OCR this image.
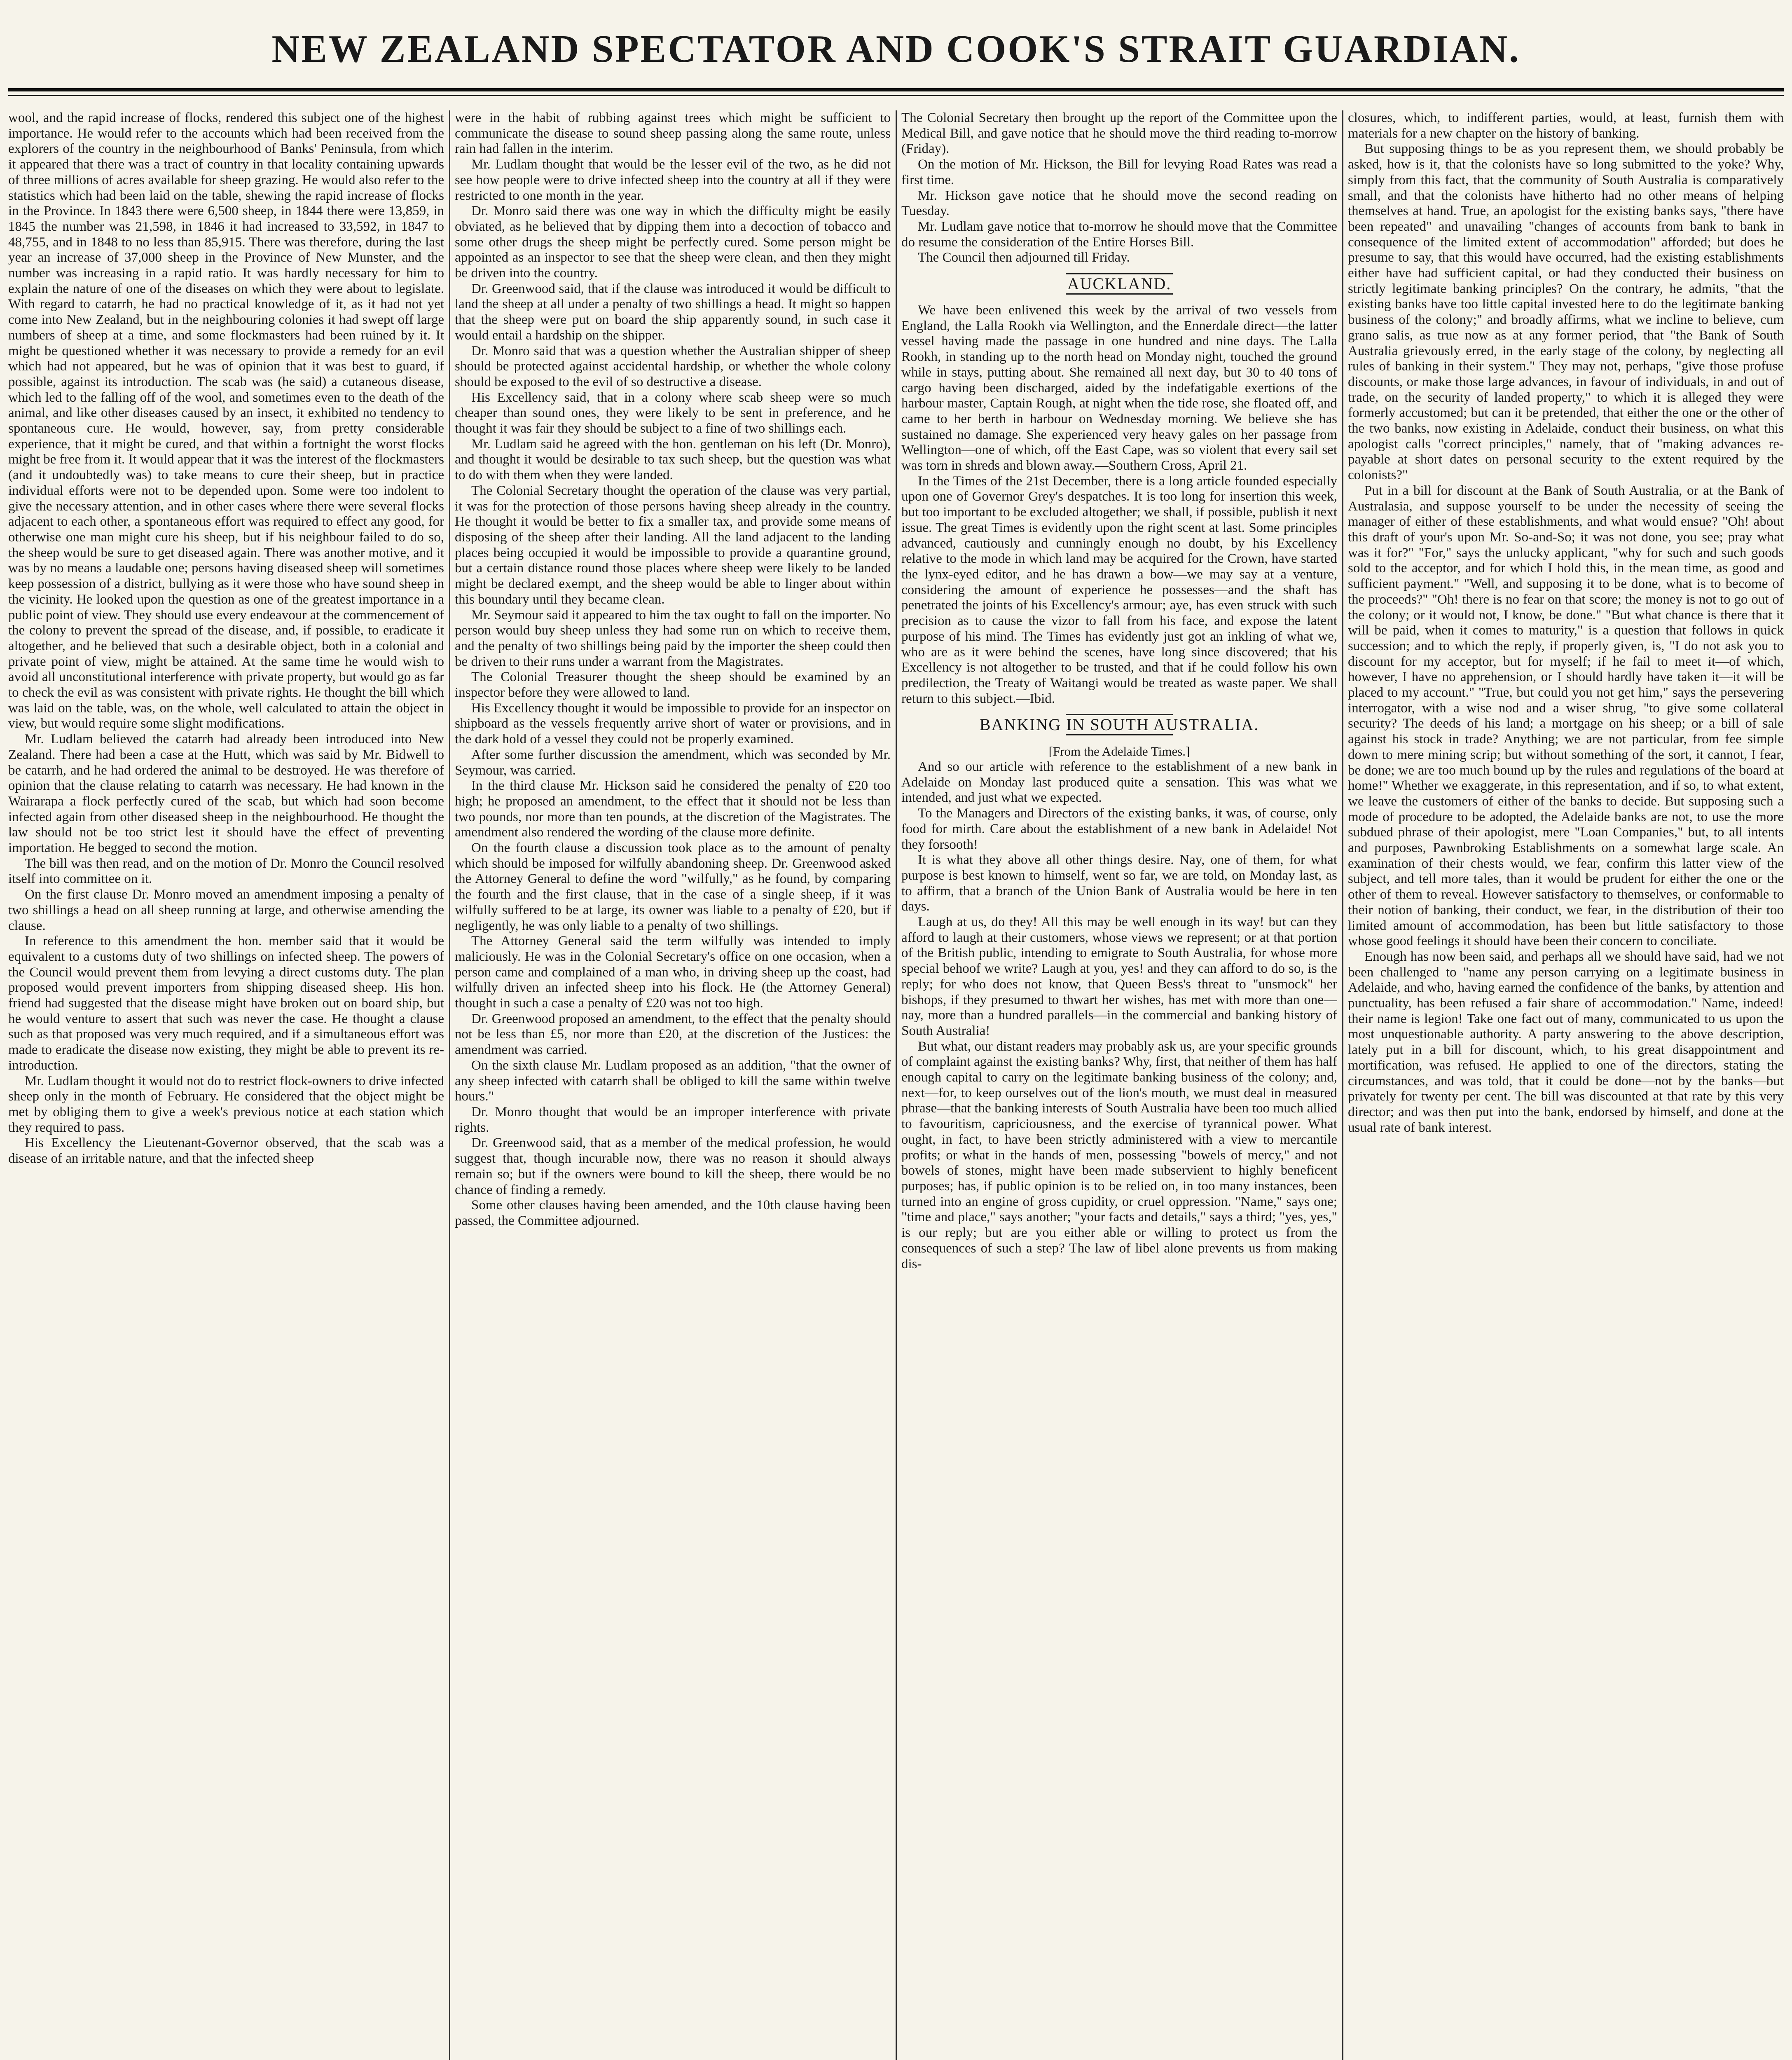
NEW ZEALAND SPECTATOR AND COOK'S STRAIT GUARDIAN.

wool, and the rapid increase of flocks, rendered this subject one of the highest importance. He would refer to the accounts which had been received from the explorers of the country in the neighbourhood of Banks' Peninsula, from which it appeared that there was a tract of country in that locality containing upwards of three millions of acres available for sheep grazing. He would also refer to the statistics which had been laid on the table, shewing the rapid increase of flocks in the Province. In 1843 there were 6,500 sheep, in 1844 there were 13,859, in 1845 the number was 21,598, in 1846 it had increased to 33,592, in 1847 to 48,755, and in 1848 to no less than 85,915. There was therefore, during the last year an increase of 37,000 sheep in the Province of New Munster, and the number was increasing in a rapid ratio. It was hardly necessary for him to explain the nature of one of the diseases on which they were about to legislate. With regard to catarrh, he had no practical knowledge of it, as it had not yet come into New Zealand, but in the neighbouring colonies it had swept off large numbers of sheep at a time, and some flockmasters had been ruined by it. It might be questioned whether it was necessary to provide a remedy for an evil which had not appeared, but he was of opinion that it was best to guard, if possible, against its introduction. The scab was (he said) a cutaneous disease, which led to the falling off of the wool, and sometimes even to the death of the animal, and like other diseases caused by an insect, it exhibited no tendency to spontaneous cure. He would, however, say, from pretty considerable experience, that it might be cured, and that within a fortnight the worst flocks might be free from it. It would appear that it was the interest of the flockmasters (and it undoubtedly was) to take means to cure their sheep, but in practice individual efforts were not to be depended upon. Some were too indolent to give the necessary attention, and in other cases where there were several flocks adjacent to each other, a spontaneous effort was required to effect any good, for otherwise one man might cure his sheep, but if his neighbour failed to do so, the sheep would be sure to get diseased again. There was another motive, and it was by no means a laudable one; persons having diseased sheep will sometimes keep possession of a district, bullying as it were those who have sound sheep in the vicinity. He looked upon the question as one of the greatest importance in a public point of view. They should use every endeavour at the commencement of the colony to prevent the spread of the disease, and, if possible, to eradicate it altogether, and he believed that such a desirable object, both in a colonial and private point of view, might be attained. At the same time he would wish to avoid all unconstitutional interference with private property, but would go as far to check the evil as was consistent with private rights. He thought the bill which was laid on the table, was, on the whole, well calculated to attain the object in view, but would require some slight modifications.

Mr. Ludlam believed the catarrh had already been introduced into New Zealand. There had been a case at the Hutt, which was said by Mr. Bidwell to be catarrh, and he had ordered the animal to be destroyed. He was therefore of opinion that the clause relating to catarrh was necessary. He had known in the Wairarapa a flock perfectly cured of the scab, but which had soon become infected again from other diseased sheep in the neighbourhood. He thought the law should not be too strict lest it should have the effect of preventing importation. He begged to second the motion.

The bill was then read, and on the motion of Dr. Monro the Council resolved itself into committee on it.

On the first clause Dr. Monro moved an amendment imposing a penalty of two shillings a head on all sheep running at large, and otherwise amending the clause.

In reference to this amendment the hon. member said that it would be equivalent to a customs duty of two shillings on infected sheep. The powers of the Council would prevent them from levying a direct customs duty. The plan proposed would prevent importers from shipping diseased sheep. His hon. friend had suggested that the disease might have broken out on board ship, but he would venture to assert that such was never the case. He thought a clause such as that proposed was very much required, and if a simultaneous effort was made to eradicate the disease now existing, they might be able to prevent its re-introduction.

Mr. Ludlam thought it would not do to restrict flock-owners to drive infected sheep only in the month of February. He considered that the object might be met by obliging them to give a week's previous notice at each station which they required to pass.

His Excellency the Lieutenant-Governor observed, that the scab was a disease of an irritable nature, and that the infected sheep

were in the habit of rubbing against trees which might be sufficient to communicate the disease to sound sheep passing along the same route, unless rain had fallen in the interim.

Mr. Ludlam thought that would be the lesser evil of the two, as he did not see how people were to drive infected sheep into the country at all if they were restricted to one month in the year.

Dr. Monro said there was one way in which the difficulty might be easily obviated, as he believed that by dipping them into a decoction of tobacco and some other drugs the sheep might be perfectly cured. Some person might be appointed as an inspector to see that the sheep were clean, and then they might be driven into the country.

Dr. Greenwood said, that if the clause was introduced it would be difficult to land the sheep at all under a penalty of two shillings a head. It might so happen that the sheep were put on board the ship apparently sound, in such case it would entail a hardship on the shipper.

Dr. Monro said that was a question whether the Australian shipper of sheep should be protected against accidental hardship, or whether the whole colony should be exposed to the evil of so destructive a disease.

His Excellency said, that in a colony where scab sheep were so much cheaper than sound ones, they were likely to be sent in preference, and he thought it was fair they should be subject to a fine of two shillings each.

Mr. Ludlam said he agreed with the hon. gentleman on his left (Dr. Monro), and thought it would be desirable to tax such sheep, but the question was what to do with them when they were landed.

The Colonial Secretary thought the operation of the clause was very partial, it was for the protection of those persons having sheep already in the country. He thought it would be better to fix a smaller tax, and provide some means of disposing of the sheep after their landing. All the land adjacent to the landing places being occupied it would be impossible to provide a quarantine ground, but a certain distance round those places where sheep were likely to be landed might be declared exempt, and the sheep would be able to linger about within this boundary until they became clean.

Mr. Seymour said it appeared to him the tax ought to fall on the importer. No person would buy sheep unless they had some run on which to receive them, and the penalty of two shillings being paid by the importer the sheep could then be driven to their runs under a warrant from the Magistrates.

The Colonial Treasurer thought the sheep should be examined by an inspector before they were allowed to land.

His Excellency thought it would be impossible to provide for an inspector on shipboard as the vessels frequently arrive short of water or provisions, and in the dark hold of a vessel they could not be properly examined.

After some further discussion the amendment, which was seconded by Mr. Seymour, was carried.

In the third clause Mr. Hickson said he considered the penalty of £20 too high; he proposed an amendment, to the effect that it should not be less than two pounds, nor more than ten pounds, at the discretion of the Magistrates. The amendment also rendered the wording of the clause more definite.

On the fourth clause a discussion took place as to the amount of penalty which should be imposed for wilfully abandoning sheep. Dr. Greenwood asked the Attorney General to define the word "wilfully," as he found, by comparing the fourth and the first clause, that in the case of a single sheep, if it was wilfully suffered to be at large, its owner was liable to a penalty of £20, but if negligently, he was only liable to a penalty of two shillings.

The Attorney General said the term wilfully was intended to imply maliciously. He was in the Colonial Secretary's office on one occasion, when a person came and complained of a man who, in driving sheep up the coast, had wilfully driven an infected sheep into his flock. He (the Attorney General) thought in such a case a penalty of £20 was not too high.

Dr. Greenwood proposed an amendment, to the effect that the penalty should not be less than £5, nor more than £20, at the discretion of the Justices: the amendment was carried.

On the sixth clause Mr. Ludlam proposed as an addition, "that the owner of any sheep infected with catarrh shall be obliged to kill the same within twelve hours."

Dr. Monro thought that would be an improper interference with private rights.

Dr. Greenwood said, that as a member of the medical profession, he would suggest that, though incurable now, there was no reason it should always remain so; but if the owners were bound to kill the sheep, there would be no chance of finding a remedy.

Some other clauses having been amended, and the 10th clause having been passed, the Committee adjourned.

The Colonial Secretary then brought up the report of the Committee upon the Medical Bill, and gave notice that he should move the third reading to-morrow (Friday).

On the motion of Mr. Hickson, the Bill for levying Road Rates was read a first time.

Mr. Hickson gave notice that he should move the second reading on Tuesday.

Mr. Ludlam gave notice that to-morrow he should move that the Committee do resume the consideration of the Entire Horses Bill.

The Council then adjourned till Friday.

AUCKLAND.

We have been enlivened this week by the arrival of two vessels from England, the Lalla Rookh via Wellington, and the Ennerdale direct—the latter vessel having made the passage in one hundred and nine days. The Lalla Rookh, in standing up to the north head on Monday night, touched the ground while in stays, putting about. She remained all next day, but 30 to 40 tons of cargo having been discharged, aided by the indefatigable exertions of the harbour master, Captain Rough, at night when the tide rose, she floated off, and came to her berth in harbour on Wednesday morning. We believe she has sustained no damage. She experienced very heavy gales on her passage from Wellington—one of which, off the East Cape, was so violent that every sail set was torn in shreds and blown away.—Southern Cross, April 21.

In the Times of the 21st December, there is a long article founded especially upon one of Governor Grey's despatches. It is too long for insertion this week, but too important to be excluded altogether; we shall, if possible, publish it next issue. The great Times is evidently upon the right scent at last. Some principles advanced, cautiously and cunningly enough no doubt, by his Excellency relative to the mode in which land may be acquired for the Crown, have started the lynx-eyed editor, and he has drawn a bow—we may say at a venture, considering the amount of experience he possesses—and the shaft has penetrated the joints of his Excellency's armour; aye, has even struck with such precision as to cause the vizor to fall from his face, and expose the latent purpose of his mind. The Times has evidently just got an inkling of what we, who are as it were behind the scenes, have long since discovered; that his Excellency is not altogether to be trusted, and that if he could follow his own predilection, the Treaty of Waitangi would be treated as waste paper. We shall return to this subject.—Ibid.

BANKING IN SOUTH AUSTRALIA.

[From the Adelaide Times.]

And so our article with reference to the establishment of a new bank in Adelaide on Monday last produced quite a sensation. This was what we intended, and just what we expected.

To the Managers and Directors of the existing banks, it was, of course, only food for mirth. Care about the establishment of a new bank in Adelaide! Not they forsooth!

It is what they above all other things desire. Nay, one of them, for what purpose is best known to himself, went so far, we are told, on Monday last, as to affirm, that a branch of the Union Bank of Australia would be here in ten days.

Laugh at us, do they! All this may be well enough in its way! but can they afford to laugh at their customers, whose views we represent; or at that portion of the British public, intending to emigrate to South Australia, for whose more special behoof we write? Laugh at you, yes! and they can afford to do so, is the reply; for who does not know, that Queen Bess's threat to "unsmock" her bishops, if they presumed to thwart her wishes, has met with more than one—nay, more than a hundred parallels—in the commercial and banking history of South Australia!

But what, our distant readers may probably ask us, are your specific grounds of complaint against the existing banks? Why, first, that neither of them has half enough capital to carry on the legitimate banking business of the colony; and, next—for, to keep ourselves out of the lion's mouth, we must deal in measured phrase—that the banking interests of South Australia have been too much allied to favouritism, capriciousness, and the exercise of tyrannical power. What ought, in fact, to have been strictly administered with a view to mercantile profits; or what in the hands of men, possessing "bowels of mercy," and not bowels of stones, might have been made subservient to highly beneficent purposes; has, if public opinion is to be relied on, in too many instances, been turned into an engine of gross cupidity, or cruel oppression. "Name," says one; "time and place," says another; "your facts and details," says a third; "yes, yes," is our reply; but are you either able or willing to protect us from the consequences of such a step? The law of libel alone prevents us from making dis-

closures, which, to indifferent parties, would, at least, furnish them with materials for a new chapter on the history of banking.

But supposing things to be as you represent them, we should probably be asked, how is it, that the colonists have so long submitted to the yoke? Why, simply from this fact, that the community of South Australia is comparatively small, and that the colonists have hitherto had no other means of helping themselves at hand. True, an apologist for the existing banks says, "there have been repeated" and unavailing "changes of accounts from bank to bank in consequence of the limited extent of accommodation" afforded; but does he presume to say, that this would have occurred, had the existing establishments either have had sufficient capital, or had they conducted their business on strictly legitimate banking principles? On the contrary, he admits, "that the existing banks have too little capital invested here to do the legitimate banking business of the colony;" and broadly affirms, what we incline to believe, cum grano salis, as true now as at any former period, that "the Bank of South Australia grievously erred, in the early stage of the colony, by neglecting all rules of banking in their system." They may not, perhaps, "give those profuse discounts, or make those large advances, in favour of individuals, in and out of trade, on the security of landed property," to which it is alleged they were formerly accustomed; but can it be pretended, that either the one or the other of the two banks, now existing in Adelaide, conduct their business, on what this apologist calls "correct principles," namely, that of "making advances re-payable at short dates on personal security to the extent required by the colonists?"

Put in a bill for discount at the Bank of South Australia, or at the Bank of Australasia, and suppose yourself to be under the necessity of seeing the manager of either of these establishments, and what would ensue? "Oh! about this draft of your's upon Mr. So-and-So; it was not done, you see; pray what was it for?" "For," says the unlucky applicant, "why for such and such goods sold to the acceptor, and for which I hold this, in the mean time, as good and sufficient payment." "Well, and supposing it to be done, what is to become of the proceeds?" "Oh! there is no fear on that score; the money is not to go out of the colony; or it would not, I know, be done." "But what chance is there that it will be paid, when it comes to maturity," is a question that follows in quick succession; and to which the reply, if properly given, is, "I do not ask you to discount for my acceptor, but for myself; if he fail to meet it—of which, however, I have no apprehension, or I should hardly have taken it—it will be placed to my account." "True, but could you not get him," says the persevering interrogator, with a wise nod and a wiser shrug, "to give some collateral security? The deeds of his land; a mortgage on his sheep; or a bill of sale against his stock in trade? Anything; we are not particular, from fee simple down to mere mining scrip; but without something of the sort, it cannot, I fear, be done; we are too much bound up by the rules and regulations of the board at home!" Whether we exaggerate, in this representation, and if so, to what extent, we leave the customers of either of the banks to decide. But supposing such a mode of procedure to be adopted, the Adelaide banks are not, to use the more subdued phrase of their apologist, mere "Loan Companies," but, to all intents and purposes, Pawnbroking Establishments on a somewhat large scale. An examination of their chests would, we fear, confirm this latter view of the subject, and tell more tales, than it would be prudent for either the one or the other of them to reveal. However satisfactory to themselves, or conformable to their notion of banking, their conduct, we fear, in the distribution of their too limited amount of accommodation, has been but little satisfactory to those whose good feelings it should have been their concern to conciliate.

Enough has now been said, and perhaps all we should have said, had we not been challenged to "name any person carrying on a legitimate business in Adelaide, and who, having earned the confidence of the banks, by attention and punctuality, has been refused a fair share of accommodation." Name, indeed! their name is legion! Take one fact out of many, communicated to us upon the most unquestionable authority. A party answering to the above description, lately put in a bill for discount, which, to his great disappointment and mortification, was refused. He applied to one of the directors, stating the circumstances, and was told, that it could be done—not by the banks—but privately for twenty per cent. The bill was discounted at that rate by this very director; and was then put into the bank, endorsed by himself, and done at the usual rate of bank interest.
